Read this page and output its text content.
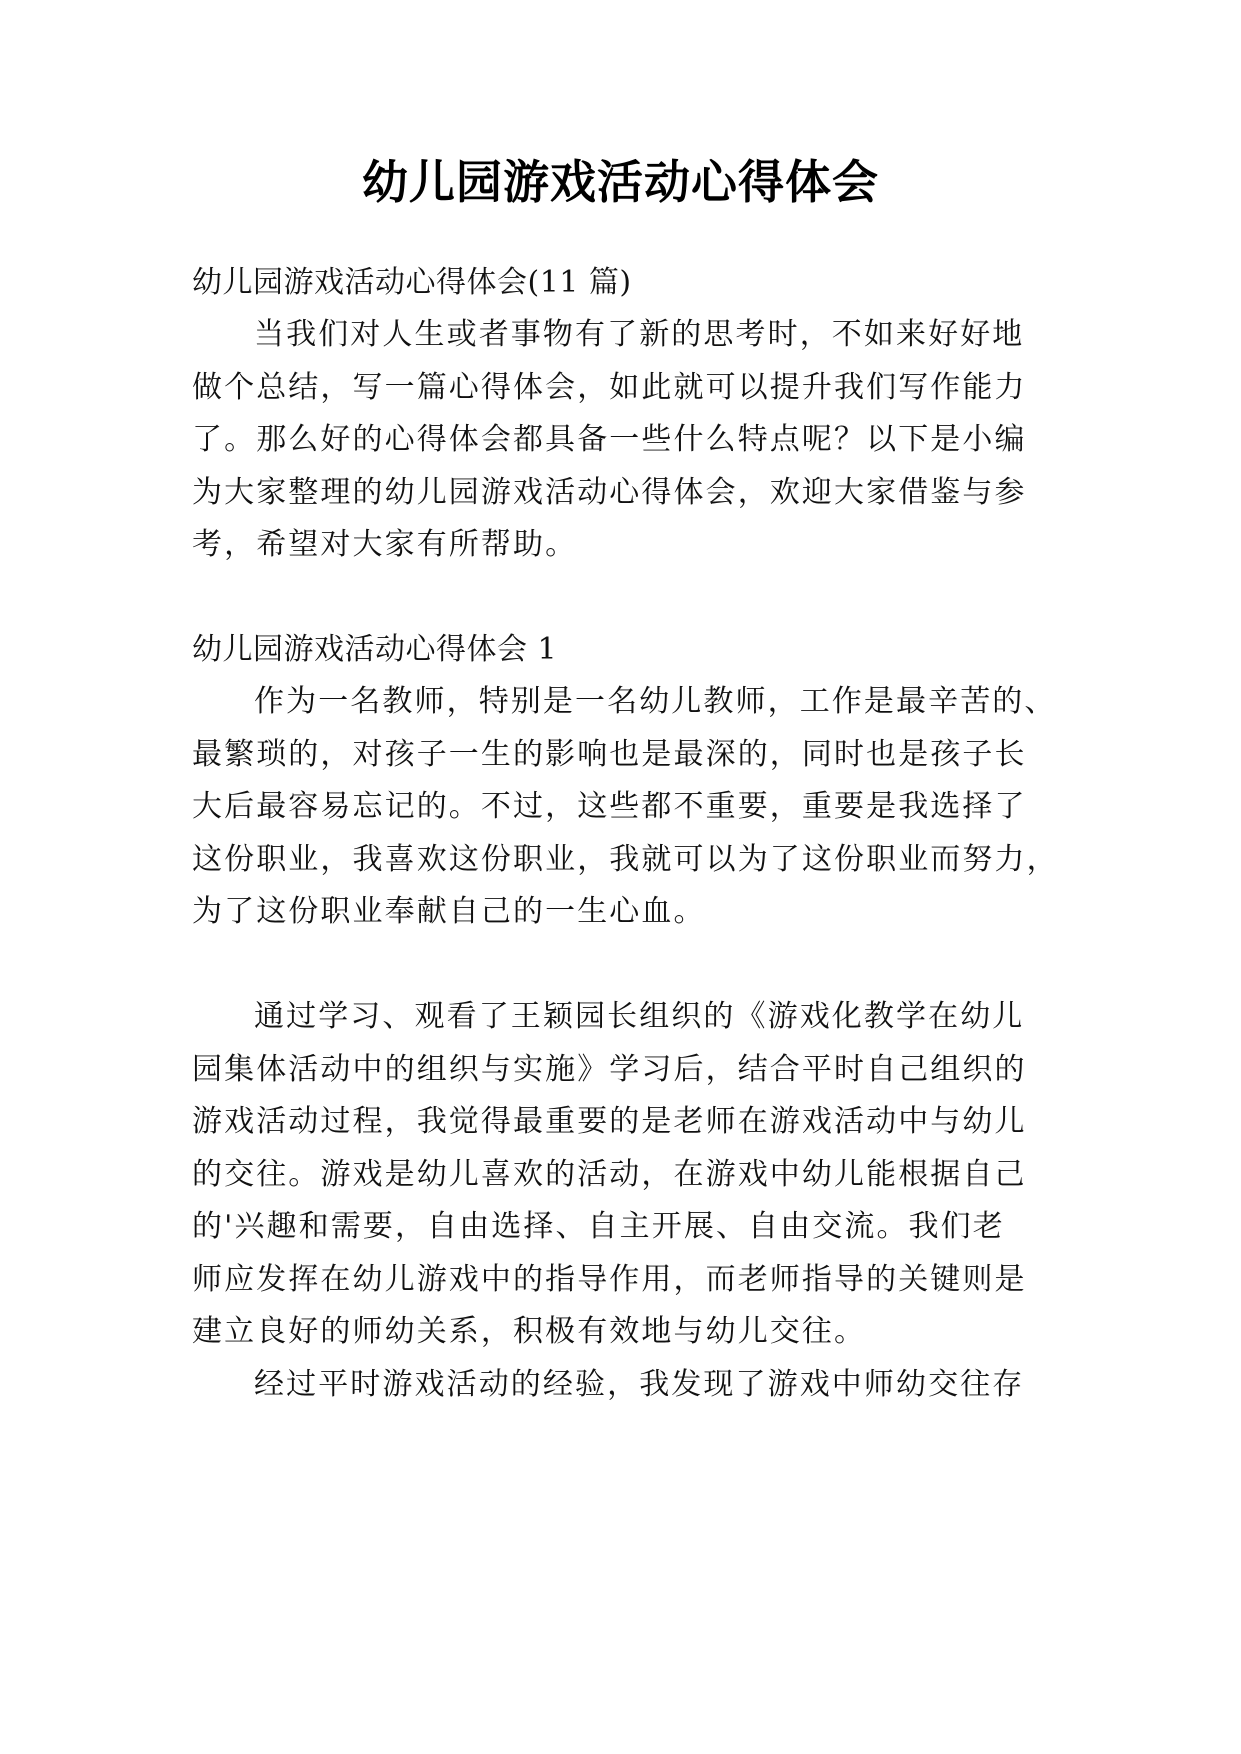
幼儿园游戏活动心得体会
幼儿园游戏活动心得体会(11 篇)
当我们对人生或者事物有了新的思考时，不如来好好地
做个总结，写一篇心得体会，如此就可以提升我们写作能力
了。那么好的心得体会都具备一些什么特点呢？以下是小编
为大家整理的幼儿园游戏活动心得体会，欢迎大家借鉴与参
考，希望对大家有所帮助。
幼儿园游戏活动心得体会 1
作为一名教师，特别是一名幼儿教师，工作是最辛苦的、
最繁琐的，对孩子一生的影响也是最深的，同时也是孩子长
大后最容易忘记的。不过，这些都不重要，重要是我选择了
这份职业，我喜欢这份职业，我就可以为了这份职业而努力，
为了这份职业奉献自己的一生心血。
通过学习、观看了王颖园长组织的《游戏化教学在幼儿
园集体活动中的组织与实施》学习后，结合平时自己组织的
游戏活动过程，我觉得最重要的是老师在游戏活动中与幼儿
的交往。游戏是幼儿喜欢的活动，在游戏中幼儿能根据自己
的'兴趣和需要，自由选择、自主开展、自由交流。我们老
师应发挥在幼儿游戏中的指导作用，而老师指导的关键则是
建立良好的师幼关系，积极有效地与幼儿交往。
经过平时游戏活动的经验，我发现了游戏中师幼交往存
